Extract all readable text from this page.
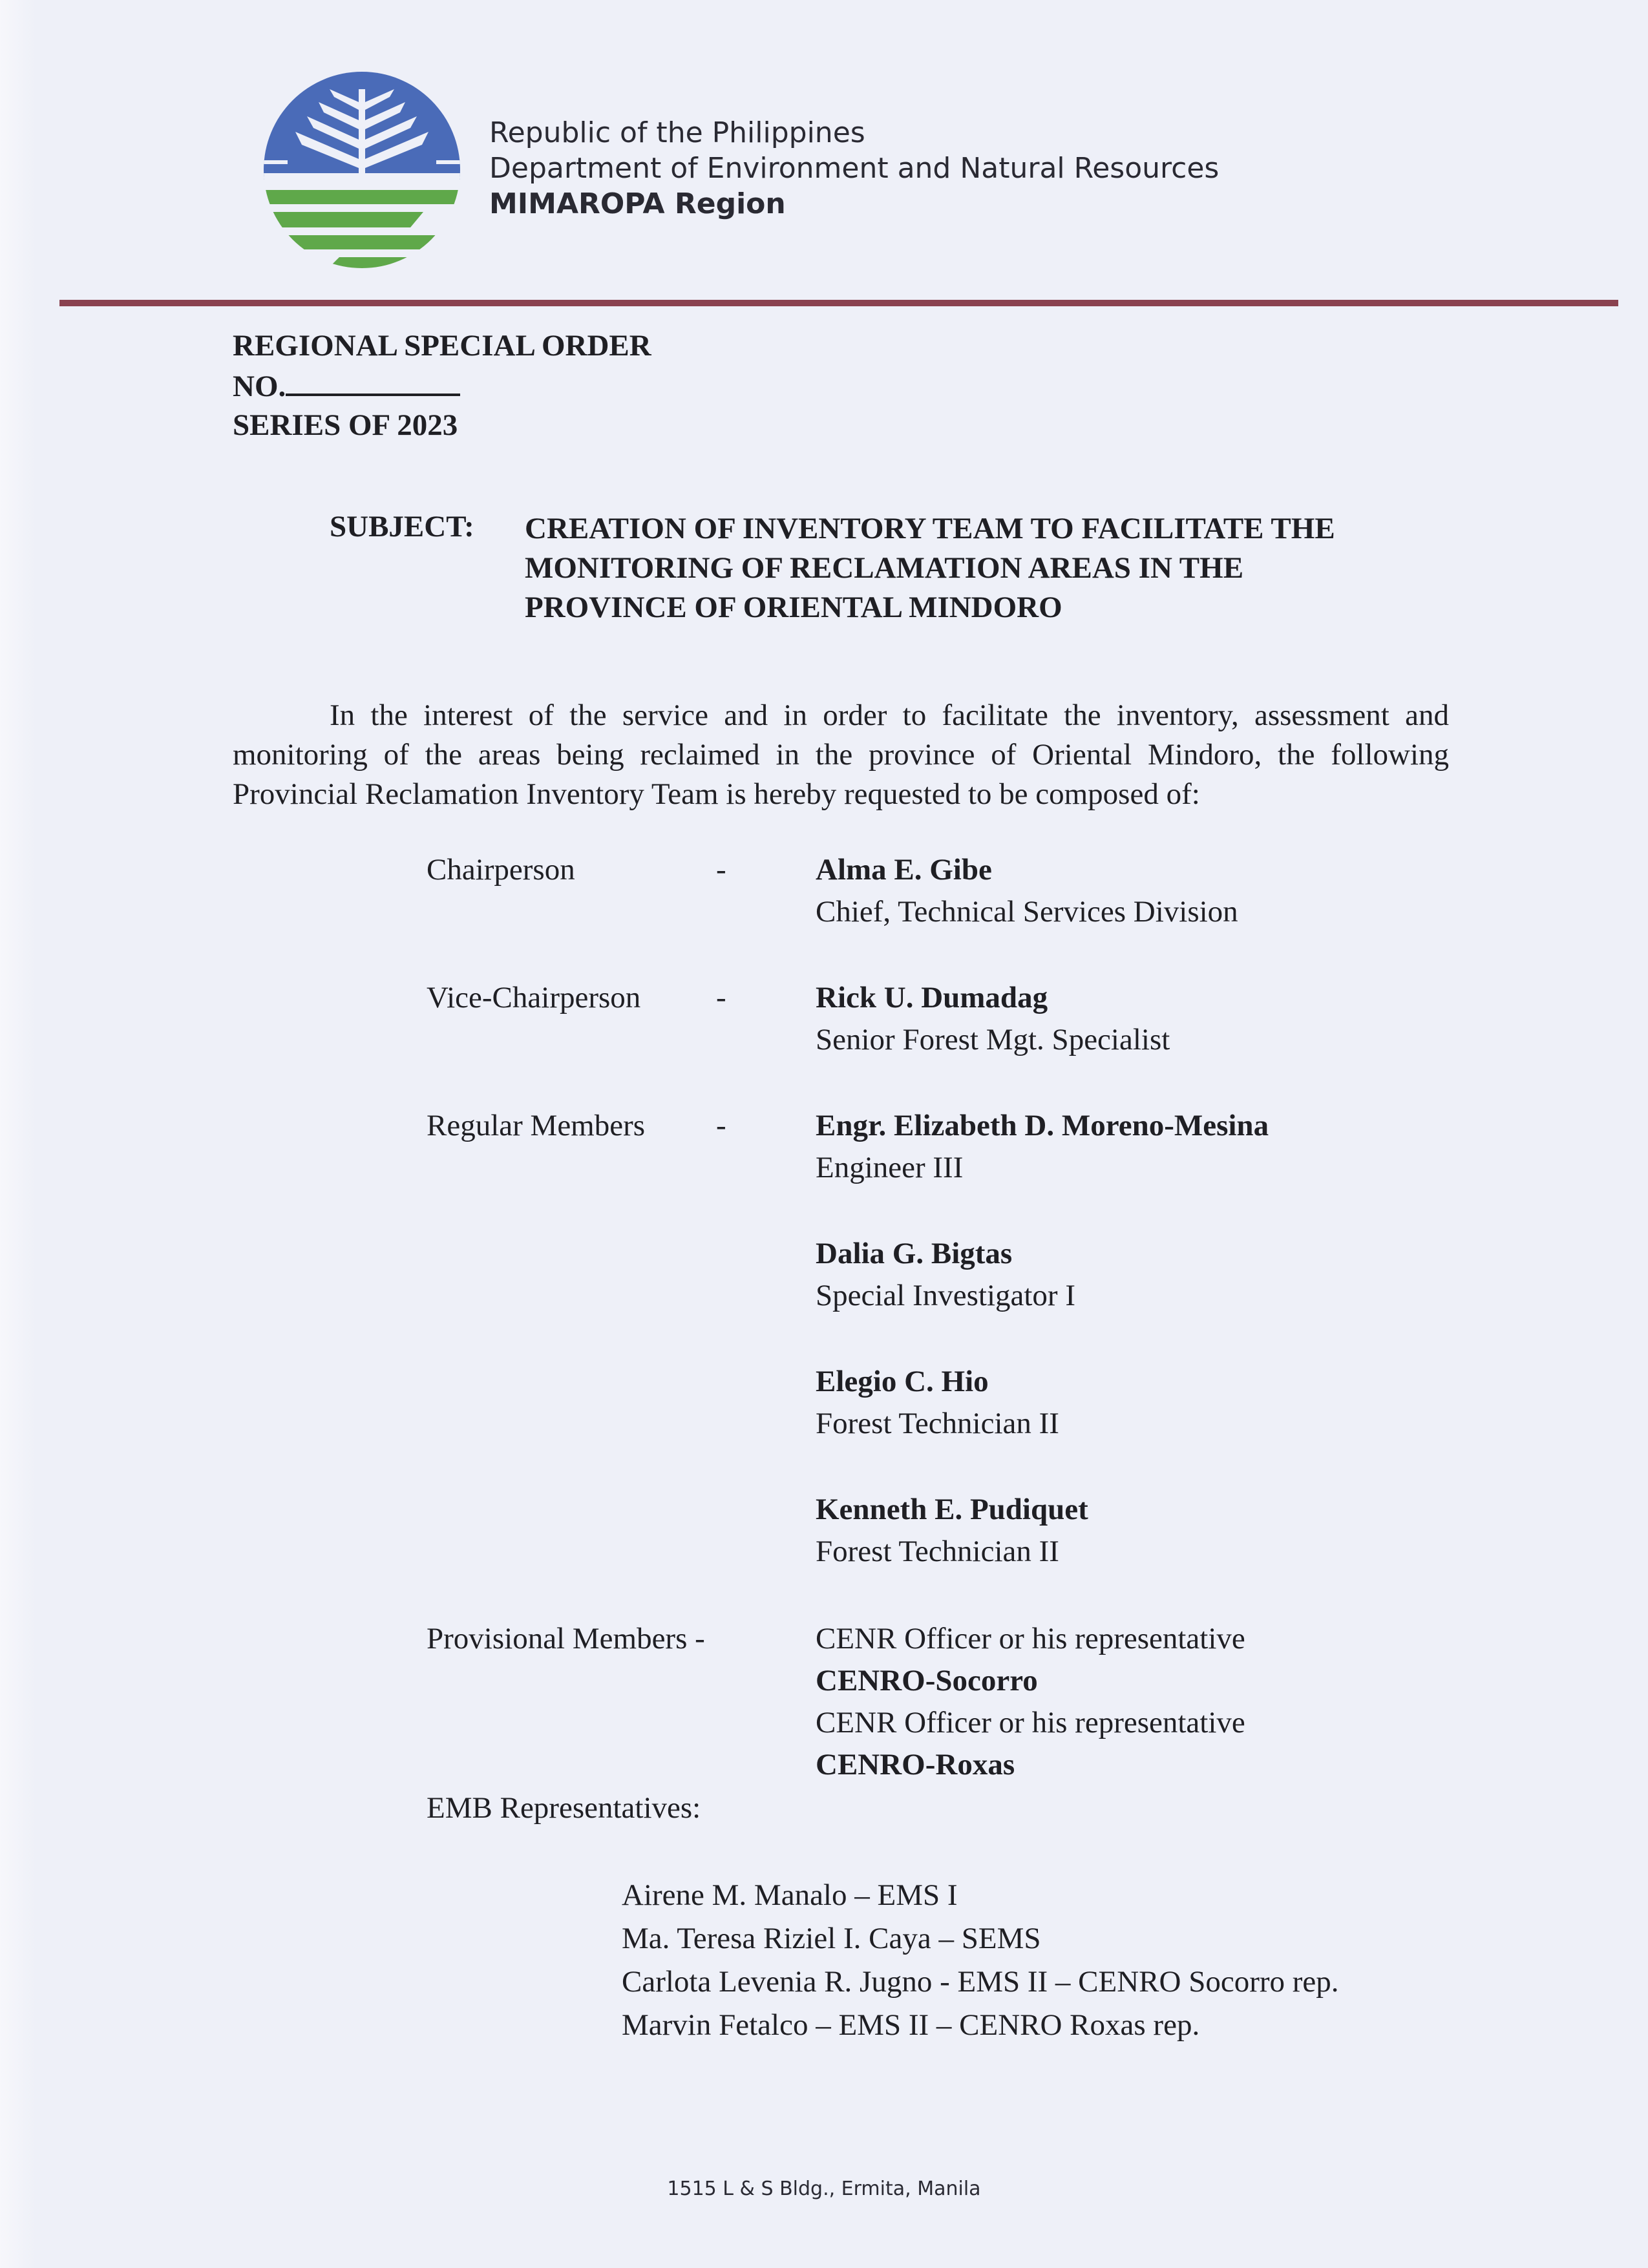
Republic of the Philippines
Department of Environment and Natural Resources
MIMAROPA Region
REGIONAL SPECIAL ORDER
NO.
SERIES OF 2023
SUBJECT: CREATION OF INVENTORY TEAM TO FACILITATE THE
MONITORING OF RECLAMATION AREAS IN THE
PROVINCE OF ORIENTAL MINDORO
In the interest of the service and in order to facilitate the inventory, assessment and monitoring of the areas being reclaimed in the province of Oriental Mindoro, the following Provincial Reclamation Inventory Team is hereby requested to be composed of:
Chairperson	-	Alma E. Gibe
Chief, Technical Services Division
Vice-Chairperson -	Rick U. Dumadag
Senior Forest Mgt. Specialist
Regular Members -	Engr. Elizabeth D. Moreno-Mesina
Engineer III
Dalia G. Bigtas
Special Investigator I
Elegio C. Hio
Forest Technician II
Kenneth E. Pudiquet
Forest Technician II
Provisional Members -	CENR Officer or his representative
CENRO-Socorro
CENR Officer or his representative
CENRO-Roxas
EMB Representatives:
Airene M. Manalo – EMS I
Ma. Teresa Riziel I. Caya – SEMS
Carlota Levenia R. Jugno - EMS II – CENRO Socorro rep.
Marvin Fetalco – EMS II – CENRO Roxas rep.
1515 L & S Bldg., Ermita, Manila
